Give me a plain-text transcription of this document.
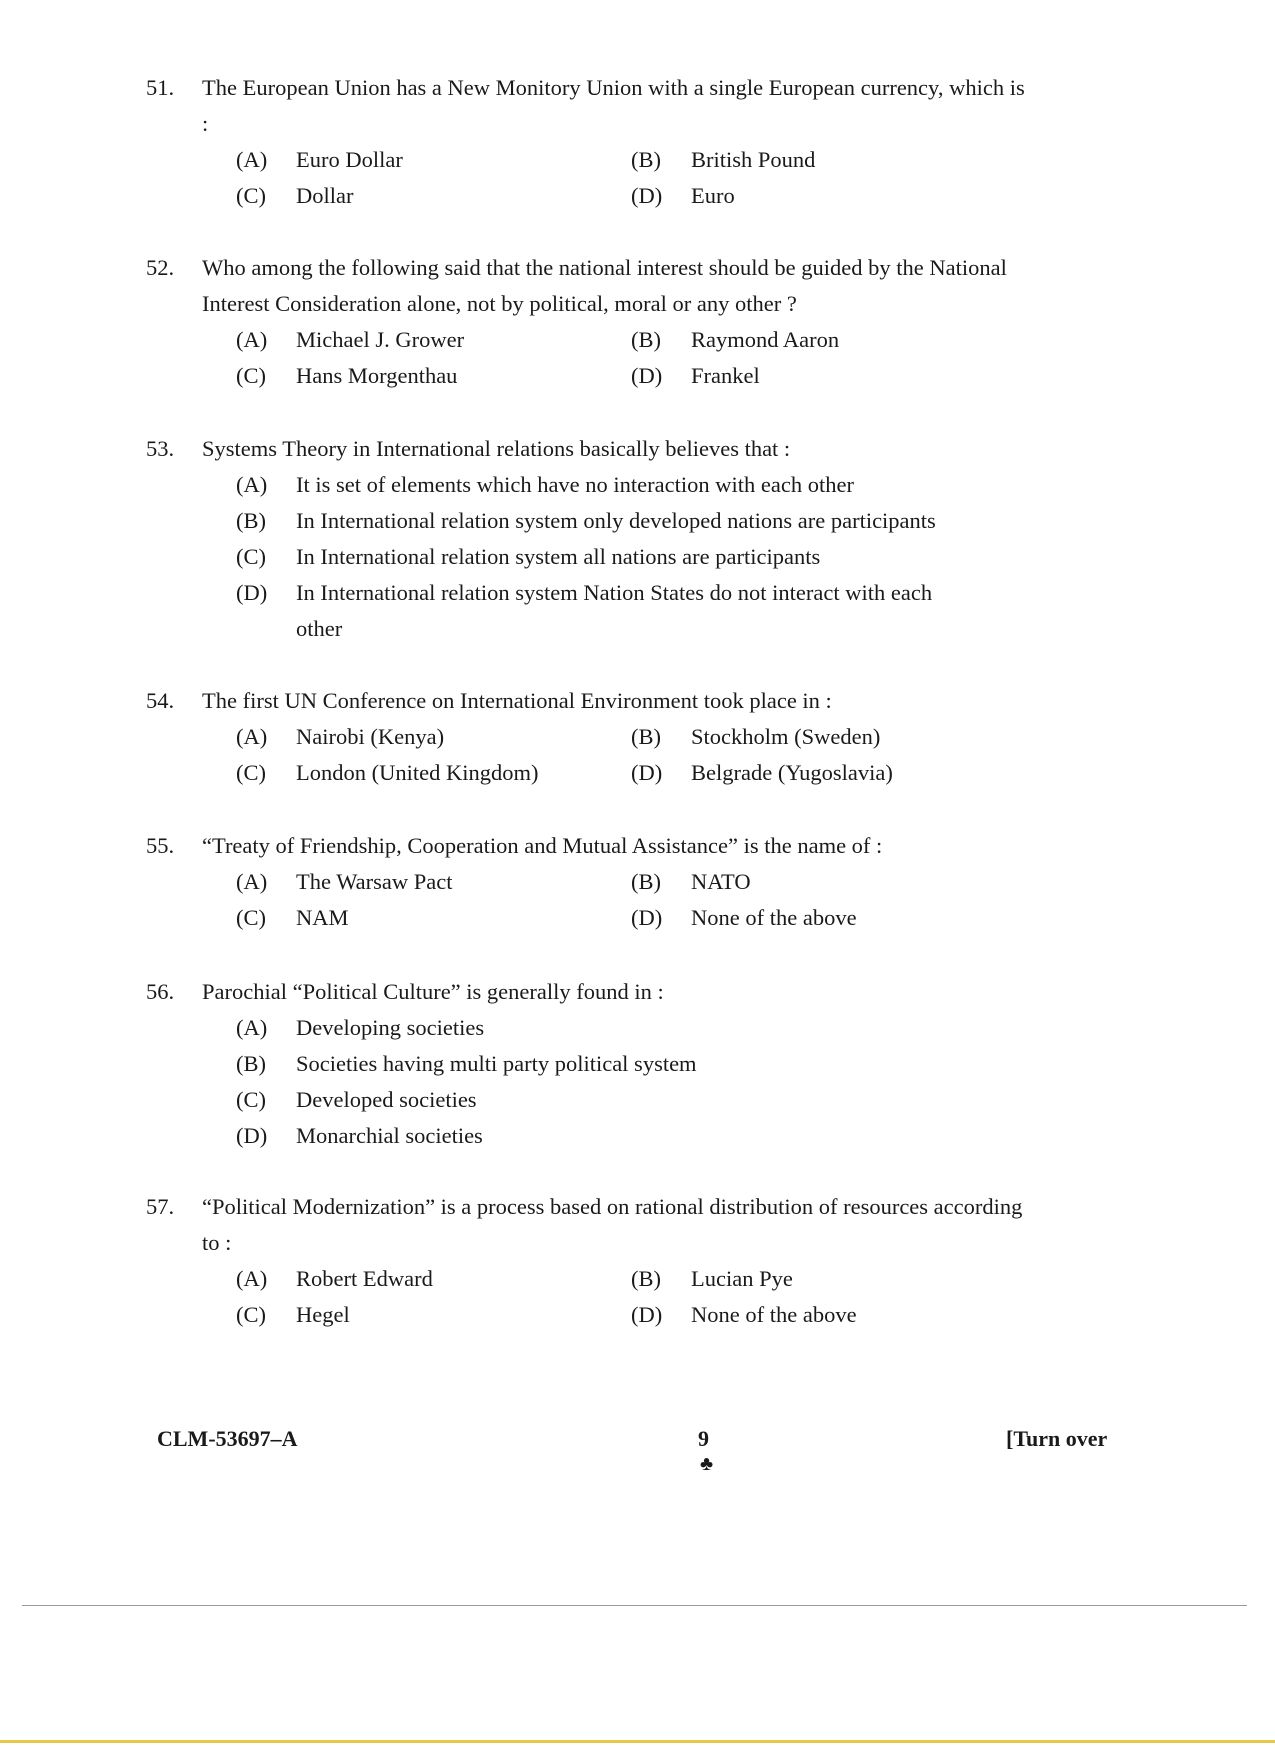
51. The European Union has a New Monitory Union with a single European currency, which is :
(A)	Euro Dollar	(B)	British Pound
(C)	Dollar	(D)	Euro
52. Who among the following said that the national interest should be guided by the National Interest Consideration alone, not by political, moral or any other ?
(A)	Michael J. Grower	(B)	Raymond Aaron
(C)	Hans Morgenthau	(D)	Frankel
53. Systems Theory in International relations basically believes that :
(A)	It is set of elements which have no interaction with each other
(B)	In International relation system only developed nations are participants
(C)	In International relation system all nations are participants
(D)	In International relation system Nation States do not interact with each
other
54. The first UN Conference on International Environment took place in :
(A)	Nairobi (Kenya)	(B)	Stockholm (Sweden)
(C)	London (United Kingdom)	(D)	Belgrade (Yugoslavia)
55. “Treaty of Friendship, Cooperation and Mutual Assistance” is the name of :
(A)	The Warsaw Pact	(B)	NATO
(C)	NAM	(D)	None of the above
56. Parochial “Political Culture” is generally found in :
(A)	Developing societies
(B)	Societies having multi party political system
(C)	Developed societies
(D)	Monarchial societies
57. “Political Modernization” is a process based on rational distribution of resources according to :
(A)	Robert Edward	(B)	Lucian Pye
(C)	Hegel	(D)	None of the above
CLM-53697–A	9
♣
[Turn over
